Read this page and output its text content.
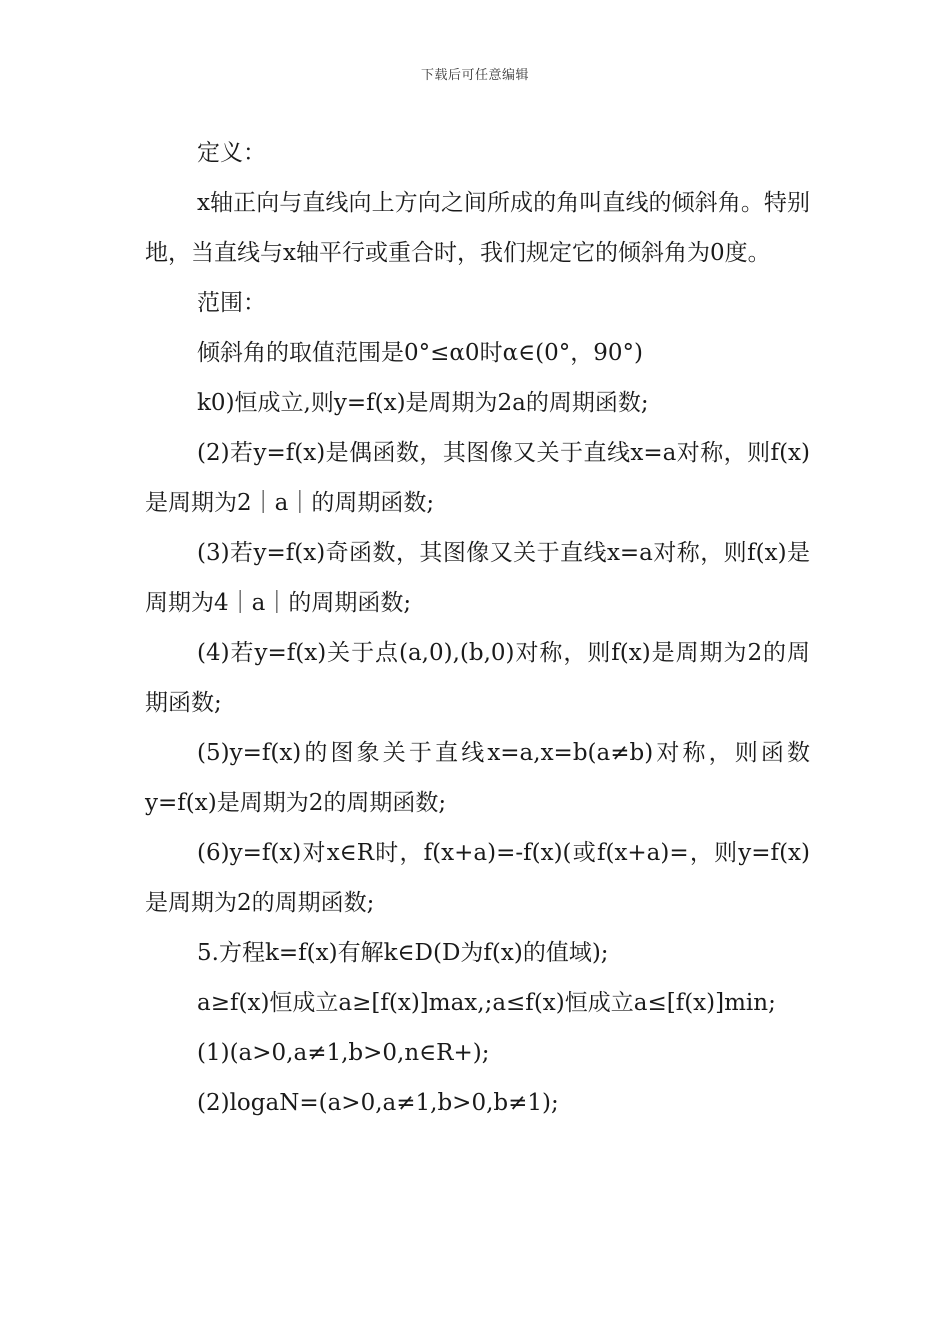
下载后可任意编辑

定义：

x轴正向与直线向上方向之间所成的角叫直线的倾斜角。特别地，当直线与x轴平行或重合时，我们规定它的倾斜角为0度。

范围：

倾斜角的取值范围是0°≤α0时α∈(0°，90°)

k0)恒成立,则y=f(x)是周期为2a的周期函数;

(2)若y=f(x)是偶函数，其图像又关于直线x=a对称，则f(x)是周期为2｜a｜的周期函数;

(3)若y=f(x)奇函数，其图像又关于直线x=a对称，则f(x)是周期为4｜a｜的周期函数;

(4)若y=f(x)关于点(a,0),(b,0)对称，则f(x)是周期为2的周期函数;

(5)y=f(x)的图象关于直线x=a,x=b(a≠b)对称，则函数y=f(x)是周期为2的周期函数;

(6)y=f(x)对x∈R时，f(x+a)=-f(x)(或f(x+a)=，则y=f(x)是周期为2的周期函数;

5.方程k=f(x)有解k∈D(D为f(x)的值域);

a≥f(x)恒成立a≥[f(x)]max,;a≤f(x)恒成立a≤[f(x)]min;

(1)(a>0,a≠1,b>0,n∈R+);

(2)logaN=(a>0,a≠1,b>0,b≠1);
